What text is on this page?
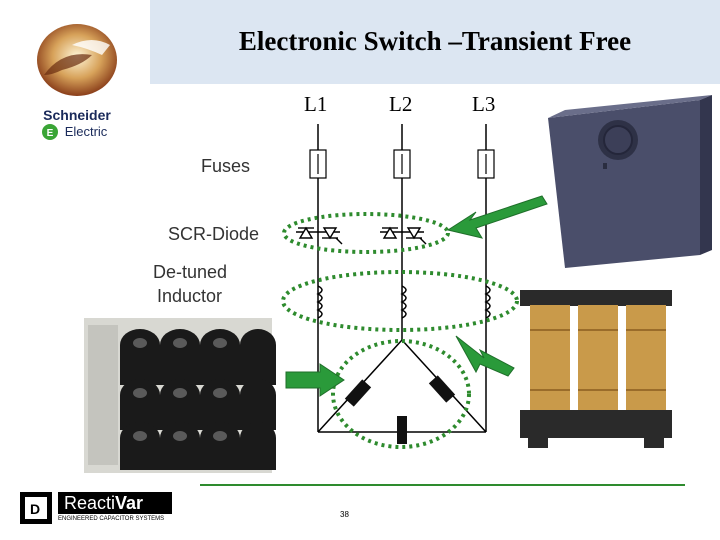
Electronic Switch –Transient Free
Schneider
E Electric
L1	L2	L3
Fuses
SCR-Diode
De-tuned
Inductor
D ReactiVar
ENGINEERED CAPACITOR SYSTEMS	38
